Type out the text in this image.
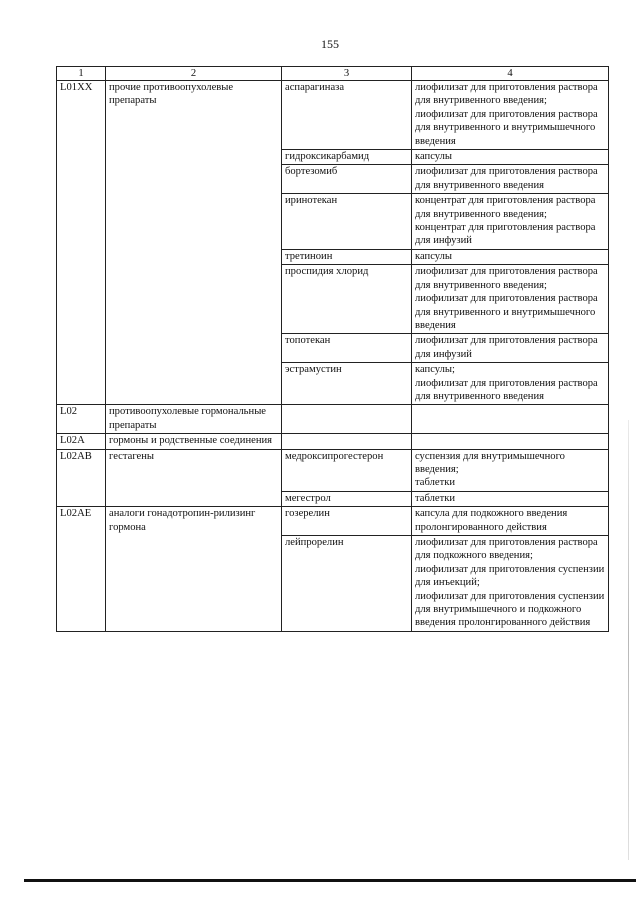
155
1	2	3	4
L01XX	прочие противоопухолевые препараты	аспарагиназа	лиофилизат для приготовления раствора для внутривенного введения;
лиофилизат для приготовления раствора для внутривенного и внутримышечного введения
		гидроксикарбамид	капсулы
		бортезомиб	лиофилизат для приготовления раствора для внутривенного введения
		иринотекан	концентрат для приготовления раствора для внутривенного введения;
концентрат для приготовления раствора для инфузий
		третиноин	капсулы
		проспидия хлорид	лиофилизат для приготовления раствора для внутривенного введения;
лиофилизат для приготовления раствора для внутривенного и внутримышечного введения
		топотекан	лиофилизат для приготовления раствора для инфузий
		эстрамустин	капсулы;
лиофилизат для приготовления раствора для внутривенного введения
L02	противоопухолевые гормональные препараты		
L02A	гормоны и родственные соединения		
L02AB	гестагены	медроксипрогестерон	суспензия для внутримышечного введения;
таблетки
		мегестрол	таблетки
L02AE	аналоги гонадотропин-рилизинг гормона	гозерелин	капсула для подкожного введения пролонгированного действия
		лейпрорелин	лиофилизат для приготовления раствора для подкожного введения;
лиофилизат для приготовления суспензии для инъекций;
лиофилизат для приготовления суспензии для внутримышечного и подкожного введения пролонгированного действия
